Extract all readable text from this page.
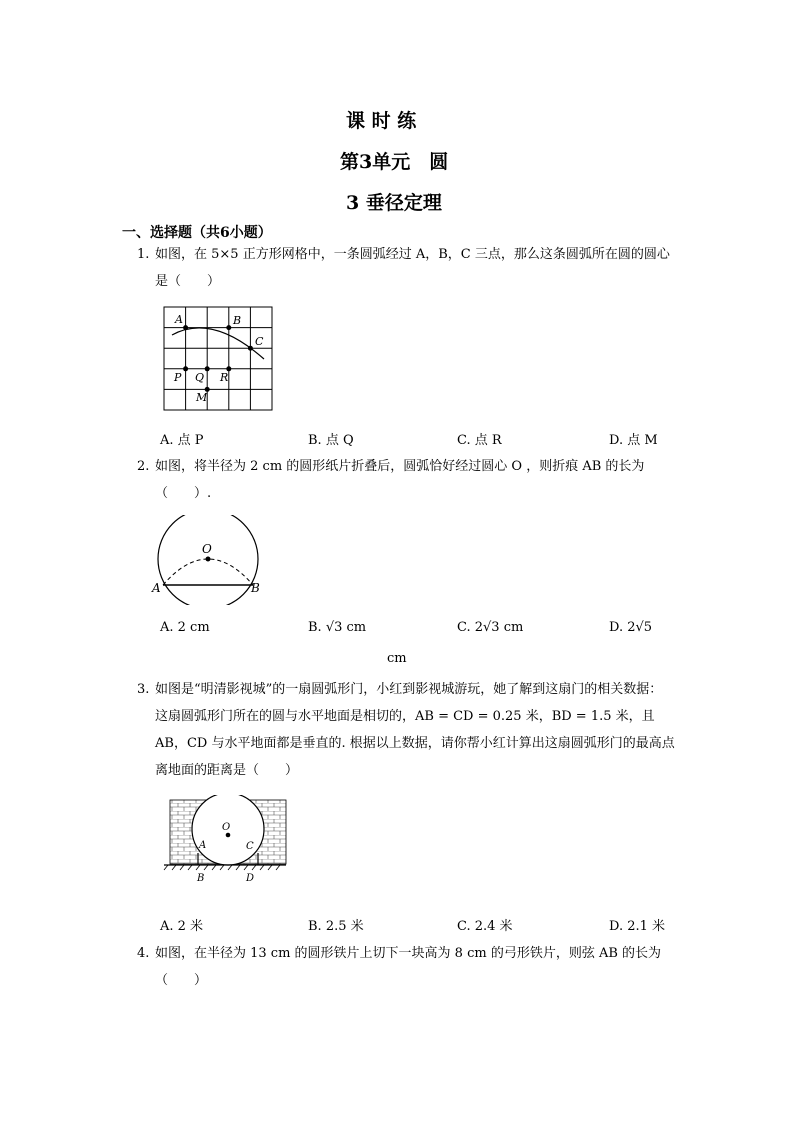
课 时 练
第3单元　圆
3 垂径定理
一、选择题（共6小题）
1. 如图，在 5×5 正方形网格中，一条圆弧经过 A，B，C 三点，那么这条圆弧所在圆的圆心是（　　）
A	B
C
P Q R
M
A. 点 P	B. 点 Q	C. 点 R	D. 点 M
2. 如图，将半径为 2 cm 的圆形纸片折叠后，圆弧恰好经过圆心 O ，则折痕 AB 的长为（　　）.
O
A	B
A. 2 cm	B. √3 cm	C. 2√3 cm	D. 2√5
cm
3. 如图是“明清影视城”的一扇圆弧形门，小红到影视城游玩，她了解到这扇门的相关数据：这扇圆弧形门所在的圆与水平地面是相切的，AB = CD = 0.25 米，BD = 1.5 米，且 AB，CD 与水平地面都是垂直的. 根据以上数据，请你帮小红计算出这扇圆弧形门的最高点离地面的距离是（　　）
O
A
B
C
D
A. 2 米	B. 2.5 米	C. 2.4 米	D. 2.1 米
4. 如图，在半径为 13 cm 的圆形铁片上切下一块高为 8 cm 的弓形铁片，则弦 AB 的长为（　　）
